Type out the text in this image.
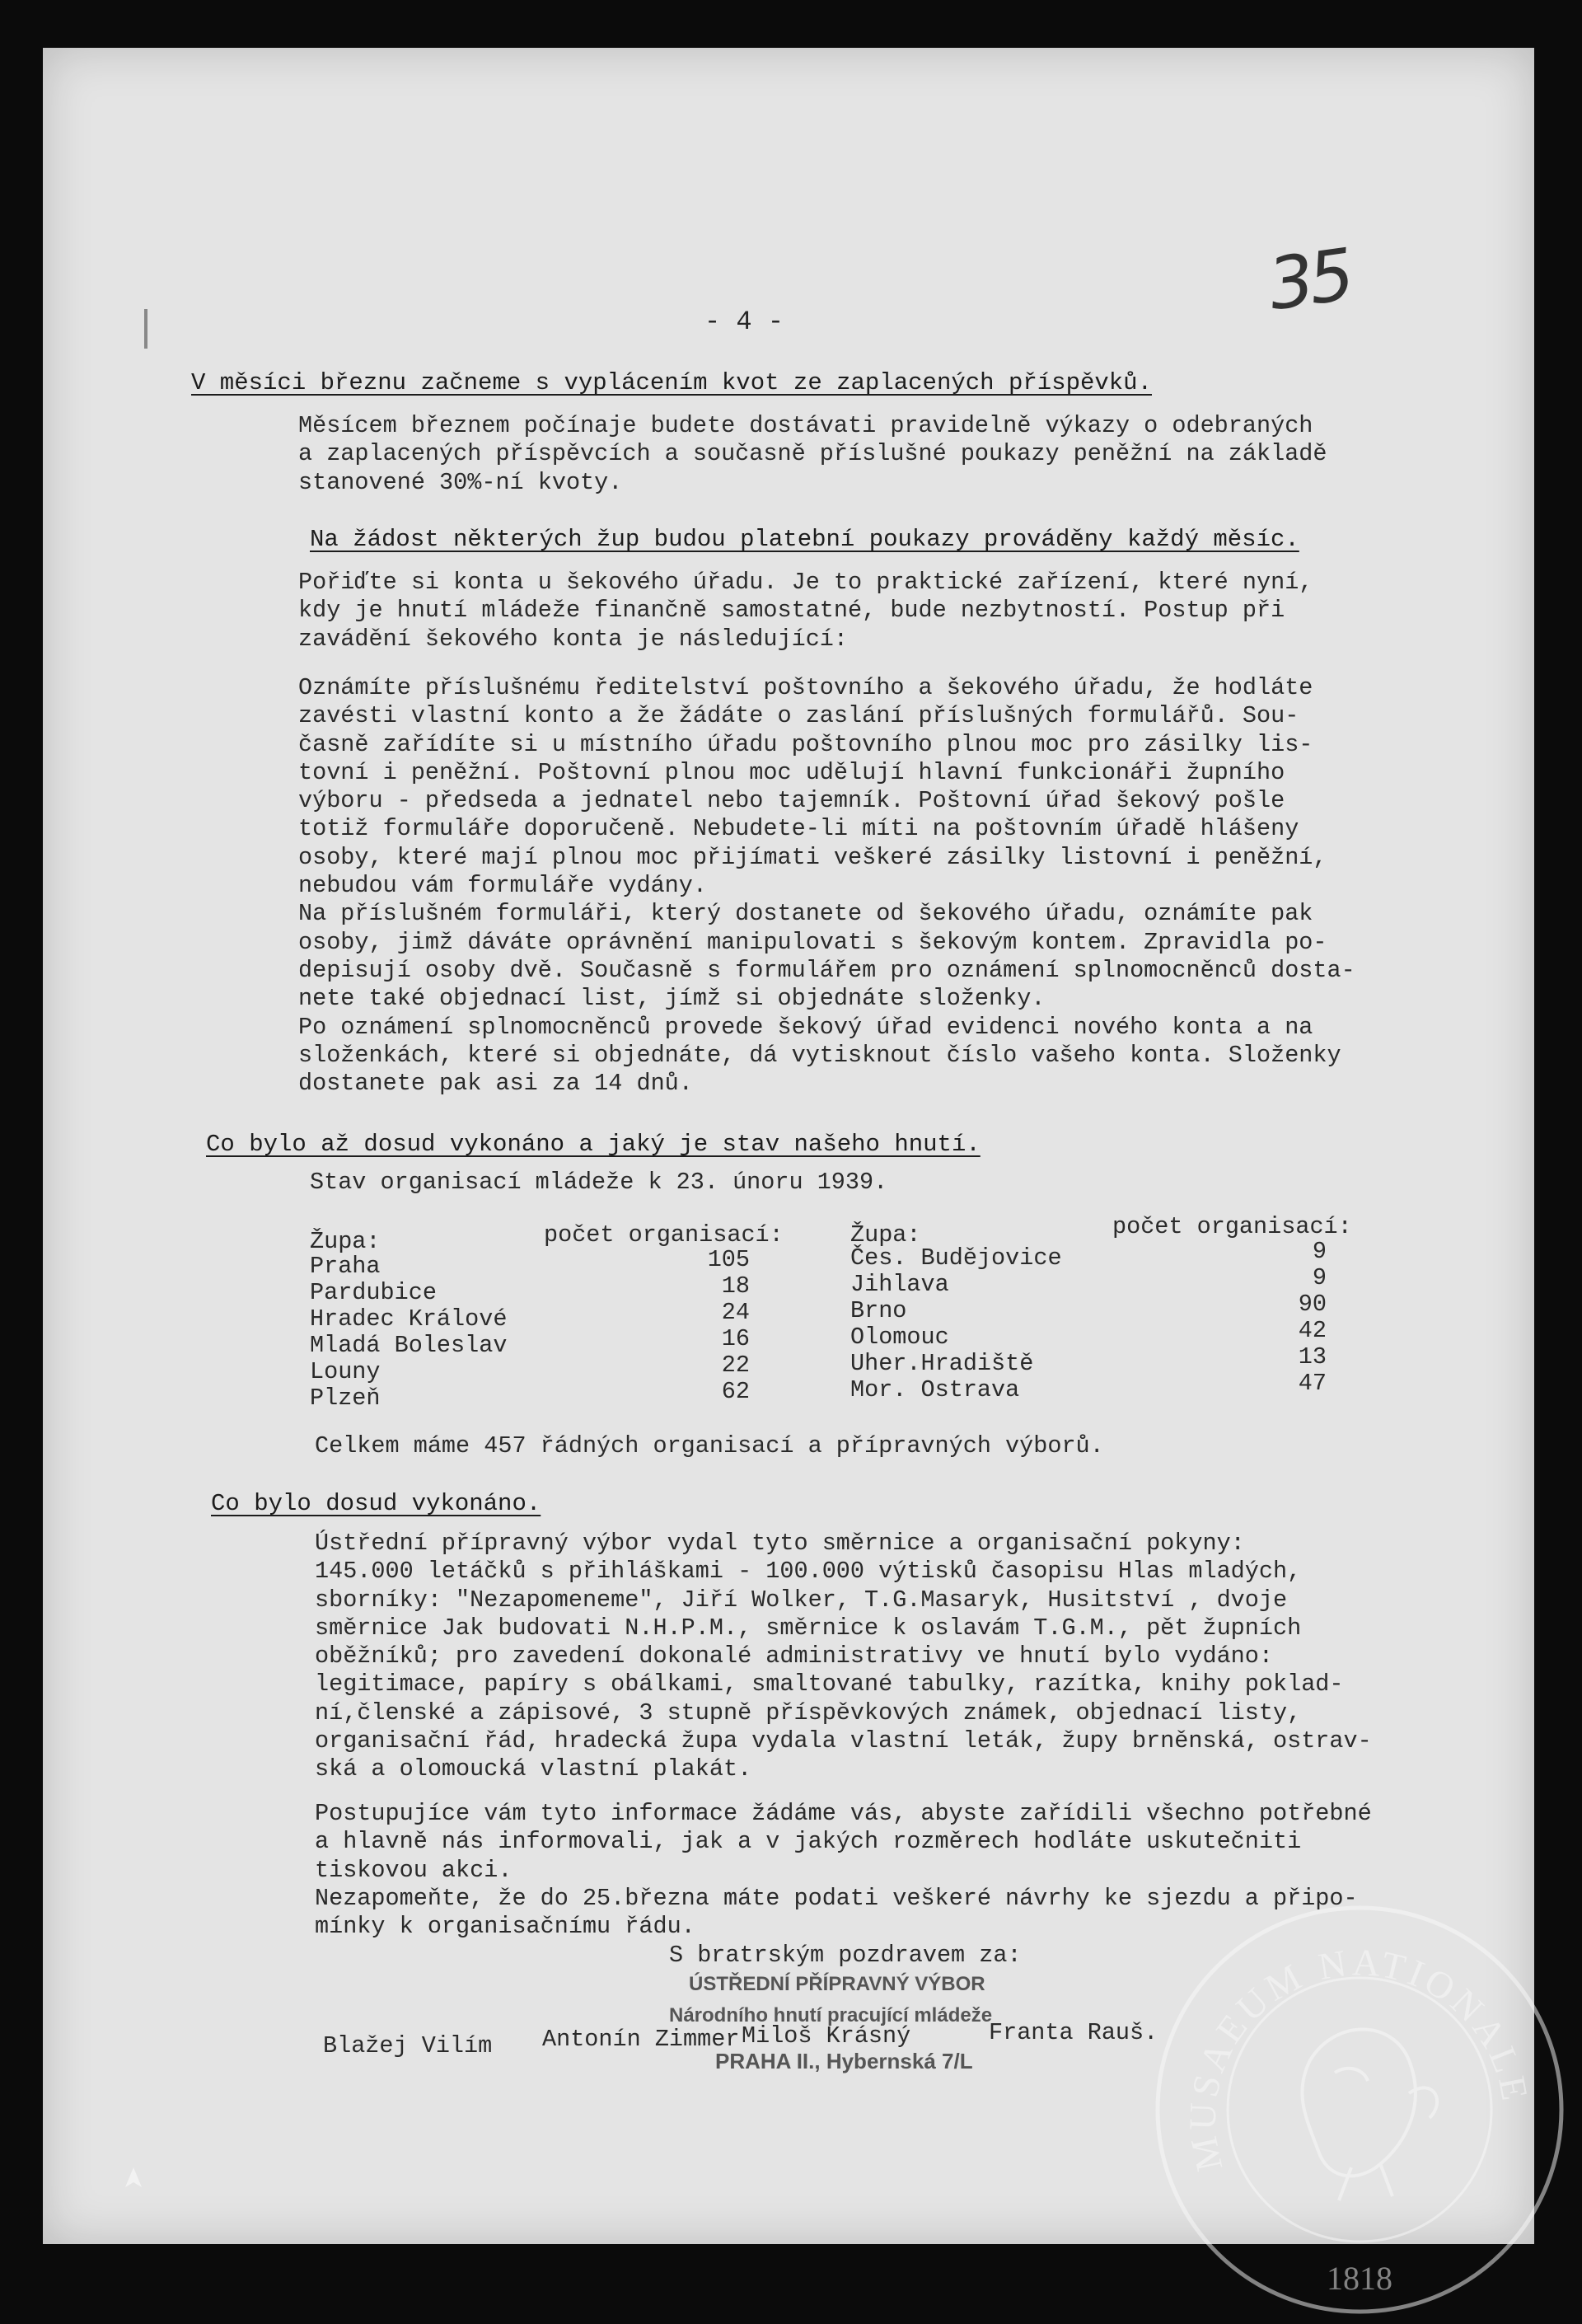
- 4 -	35
V měsíci březnu začneme s vyplácením kvot ze zaplacených příspěvků.
Měsícem březnem počínaje budete dostávati pravidelně výkazy o odebraných
a zaplacených příspěvcích a současně příslušné poukazy peněžní na základě
stanovené 30%-ní kvoty.
Na žádost některých žup budou platební poukazy prováděny každý měsíc.
Pořiďte si konta u šekového úřadu. Je to praktické zařízení, které nyní,
kdy je hnutí mládeže finančně samostatné, bude nezbytností. Postup při
zavádění šekového konta je následující:
Oznámíte příslušnému ředitelství poštovního a šekového úřadu, že hodláte
zavésti vlastní konto a že žádáte o zaslání příslušných formulářů. Sou-
časně zařídíte si u místního úřadu poštovního plnou moc pro zásilky lis-
tovní i peněžní. Poštovní plnou moc udělují hlavní funkcionáři župního
výboru - předseda a jednatel nebo tajemník. Poštovní úřad šekový pošle
totiž formuláře doporučeně. Nebudete-li míti na poštovním úřadě hlášeny
osoby, které mají plnou moc přijímati veškeré zásilky listovní i peněžní,
nebudou vám formuláře vydány.
Na příslušném formuláři, který dostanete od šekového úřadu, oznámíte pak
osoby, jimž dáváte oprávnění manipulovati s šekovým kontem. Zpravidla po-
depisují osoby dvě. Současně s formulářem pro oznámení splnomocněnců dosta-
nete také objednací list, jímž si objednáte složenky.
Po oznámení splnomocněnců provede šekový úřad evidenci nového konta a na
složenkách, které si objednáte, dá vytisknout číslo vašeho konta. Složenky
dostanete pak asi za 14 dnů.
Co bylo až dosud vykonáno a jaký je stav našeho hnutí.
Stav organisací mládeže k 23. únoru 1939.
Župa:	počet organisací:	Župa:	počet organisací:
Praha	105
Pardubice	18
Hradec Králové	24
Mladá Boleslav	16
Louny	22
Plzeň	62
Čes. Budějovice	9
Jihlava	9
Brno	90
Olomouc	42
Uher.Hradiště	13
Mor. Ostrava	47
Celkem máme 457 řádných organisací a přípravných výborů.
Co bylo dosud vykonáno.
Ústřední přípravný výbor vydal tyto směrnice a organisační pokyny:
145.000 letáčků s přihláškami - 100.000 výtisků časopisu Hlas mladých,
sborníky: "Nezapomeneme", Jiří Wolker, T.G.Masaryk, Husitství , dvoje
směrnice Jak budovati N.H.P.M., směrnice k oslavám T.G.M., pět župních
oběžníků; pro zavedení dokonalé administrativy ve hnutí bylo vydáno:
legitimace, papíry s obálkami, smaltované tabulky, razítka, knihy poklad-
ní,členské a zápisové, 3 stupně příspěvkových známek, objednací listy,
organisační řád, hradecká župa vydala vlastní leták, župy brněnská, ostrav-
ská a olomoucká vlastní plakát.
Postupujíce vám tyto informace žádáme vás, abyste zařídili všechno potřebné
a hlavně nás informovali, jak a v jakých rozměrech hodláte uskutečniti
tiskovou akci.
Nezapomeňte, že do 25.března máte podati veškeré návrhy ke sjezdu a připo-
mínky k organisačnímu řádu.
S bratrským pozdravem za:
ÚSTŘEDNÍ PŘÍPRAVNÝ VÝBOR
Národního hnutí pracující mládeže
PRAHA II., Hybernská 7/L
Blažej Vilím Antonín Zimmer Miloš Krásný	Franta Rauš.
MUSAEUM NATIONALE
1818
